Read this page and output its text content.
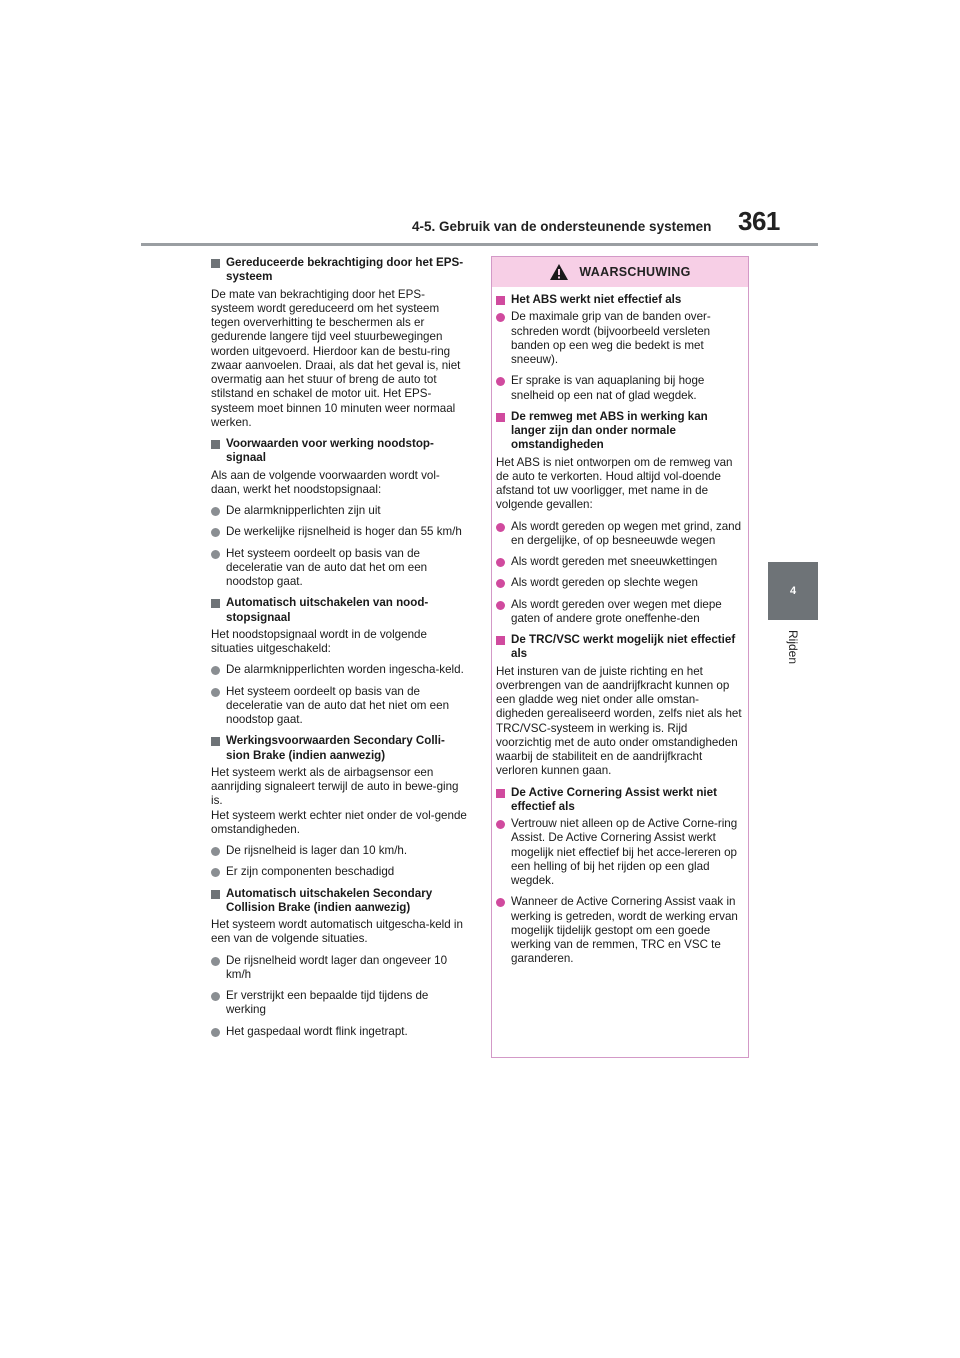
4-5. Gebruik van de ondersteunende systemen 361
4
Rijden
Gereduceerde bekrachtiging door het EPS-systeem
De mate van bekrachtiging door het EPS-systeem wordt gereduceerd om het systeem tegen oververhitting te beschermen als er gedurende langere tijd veel stuurbewegingen worden uitgevoerd. Hierdoor kan de bestu-ring zwaar aanvoelen. Draai, als dat het geval is, niet overmatig aan het stuur of breng de auto tot stilstand en schakel de motor uit. Het EPS-systeem moet binnen 10 minuten weer normaal werken.
Voorwaarden voor werking noodstop-signaal
Als aan de volgende voorwaarden wordt vol-daan, werkt het noodstopsignaal:
De alarmknipperlichten zijn uit
De werkelijke rijsnelheid is hoger dan 55 km/h
Het systeem oordeelt op basis van de deceleratie van de auto dat het om een noodstop gaat.
Automatisch uitschakelen van nood-stopsignaal
Het noodstopsignaal wordt in de volgende situaties uitgeschakeld:
De alarmknipperlichten worden ingescha-keld.
Het systeem oordeelt op basis van de deceleratie van de auto dat het niet om een noodstop gaat.
Werkingsvoorwaarden Secondary Colli-sion Brake (indien aanwezig)
Het systeem werkt als de airbagsensor een aanrijding signaleert terwijl de auto in bewe-ging is.
Het systeem werkt echter niet onder de vol-gende omstandigheden.
De rijsnelheid is lager dan 10 km/h.
Er zijn componenten beschadigd
Automatisch uitschakelen Secondary Collision Brake (indien aanwezig)
Het systeem wordt automatisch uitgescha-keld in een van de volgende situaties.
De rijsnelheid wordt lager dan ongeveer 10 km/h
Er verstrijkt een bepaalde tijd tijdens de werking
Het gaspedaal wordt flink ingetrapt.
WAARSCHUWING
Het ABS werkt niet effectief als
De maximale grip van de banden over-schreden wordt (bijvoorbeeld versleten banden op een weg die bedekt is met sneeuw).
Er sprake is van aquaplaning bij hoge snelheid op een nat of glad wegdek.
De remweg met ABS in werking kan langer zijn dan onder normale omstandigheden
Het ABS is niet ontworpen om de remweg van de auto te verkorten. Houd altijd vol-doende afstand tot uw voorligger, met name in de volgende gevallen:
Als wordt gereden op wegen met grind, zand en dergelijke, of op besneeuwde wegen
Als wordt gereden met sneeuwkettingen
Als wordt gereden op slechte wegen
Als wordt gereden over wegen met diepe gaten of andere grote oneffenhe-den
De TRC/VSC werkt mogelijk niet effectief als
Het insturen van de juiste richting en het overbrengen van de aandrijfkracht kunnen op een gladde weg niet onder alle omstan-digheden gerealiseerd worden, zelfs niet als het TRC/VSC-systeem in werking is. Rijd voorzichtig met de auto onder omstandigheden waarbij de stabiliteit en de aandrijfkracht verloren kunnen gaan.
De Active Cornering Assist werkt niet effectief als
Vertrouw niet alleen op de Active Corne-ring Assist. De Active Cornering Assist werkt mogelijk niet effectief bij het acce-lereren op een helling of bij het rijden op een glad wegdek.
Wanneer de Active Cornering Assist vaak in werking is getreden, wordt de werking ervan mogelijk tijdelijk gestopt om een goede werking van de remmen, TRC en VSC te garanderen.
